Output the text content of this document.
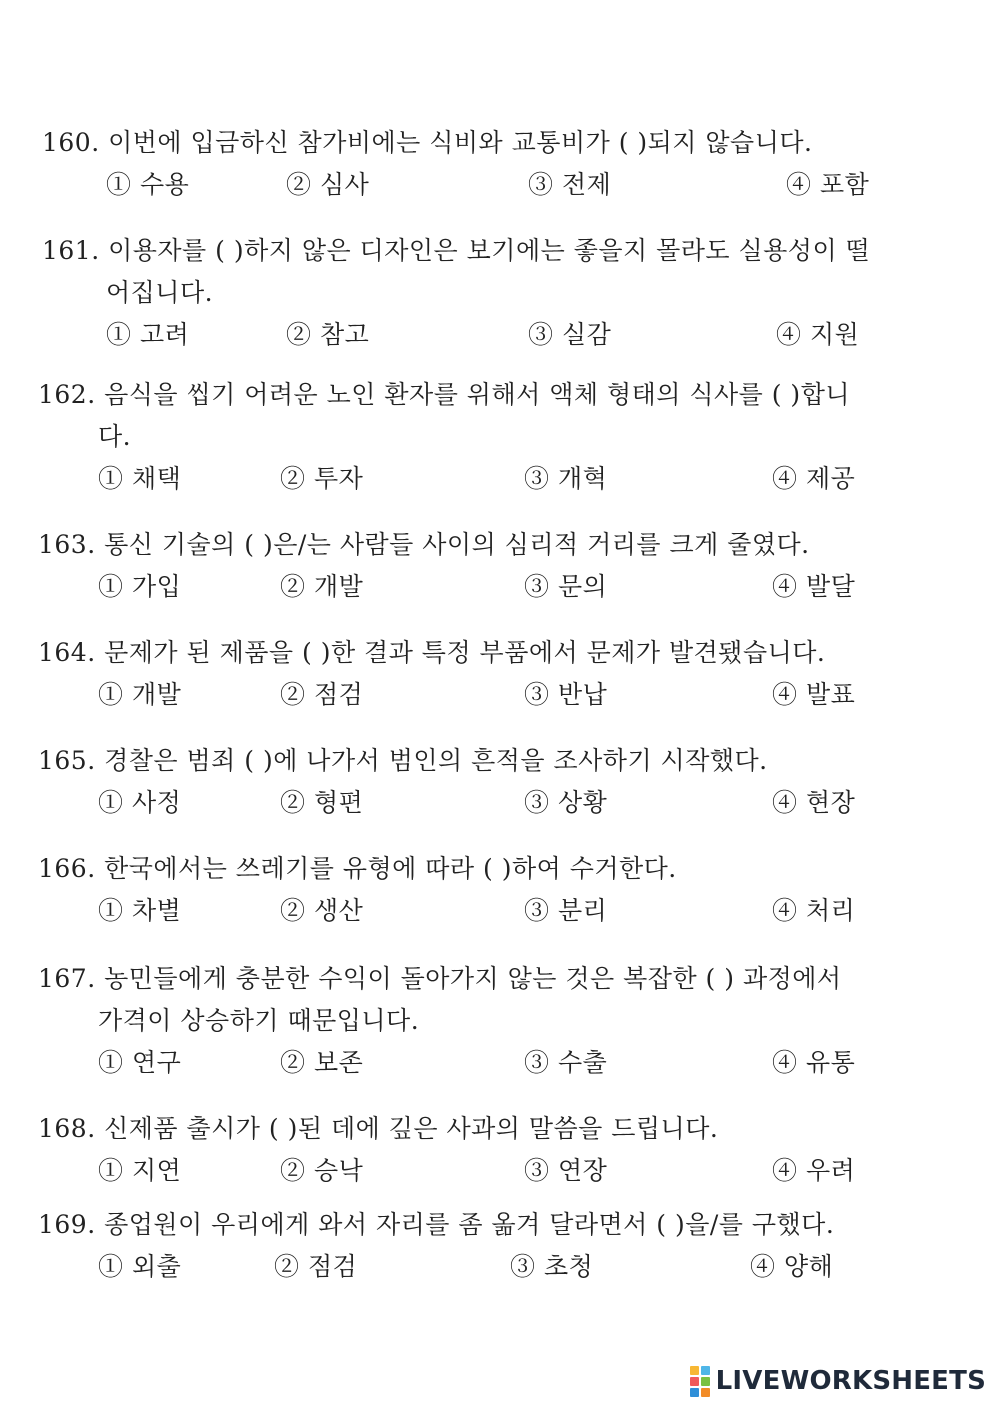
160. 이번에 입금하신 참가비에는 식비와 교통비가 ( )되지 않습니다.
① 수용	② 심사	③ 전제	④ 포함
161. 이용자를 ( )하지 않은 디자인은 보기에는 좋을지 몰라도 실용성이 떨
어집니다.
① 고려	② 참고	③ 실감	④ 지원
162. 음식을 씹기 어려운 노인 환자를 위해서 액체 형태의 식사를 ( )합니
다.
① 채택	② 투자	③ 개혁	④ 제공
163. 통신 기술의 ( )은/는 사람들 사이의 심리적 거리를 크게 줄였다.
① 가입	② 개발	③ 문의	④ 발달
164. 문제가 된 제품을 ( )한 결과 특정 부품에서 문제가 발견됐습니다.
① 개발	② 점검	③ 반납	④ 발표
165. 경찰은 범죄 ( )에 나가서 범인의 흔적을 조사하기 시작했다.
① 사정	② 형편	③ 상황	④ 현장
166. 한국에서는 쓰레기를 유형에 따라 ( )하여 수거한다.
① 차별	② 생산	③ 분리	④ 처리
167. 농민들에게 충분한 수익이 돌아가지 않는 것은 복잡한 ( ) 과정에서
가격이 상승하기 때문입니다.
① 연구	② 보존	③ 수출	④ 유통
168. 신제품 출시가 ( )된 데에 깊은 사과의 말씀을 드립니다.
① 지연	② 승낙	③ 연장	④ 우려
169. 종업원이 우리에게 와서 자리를 좀 옮겨 달라면서 ( )을/를 구했다.
① 외출	② 점검	③ 초청	④ 양해
LIVEWORKSHEETS
